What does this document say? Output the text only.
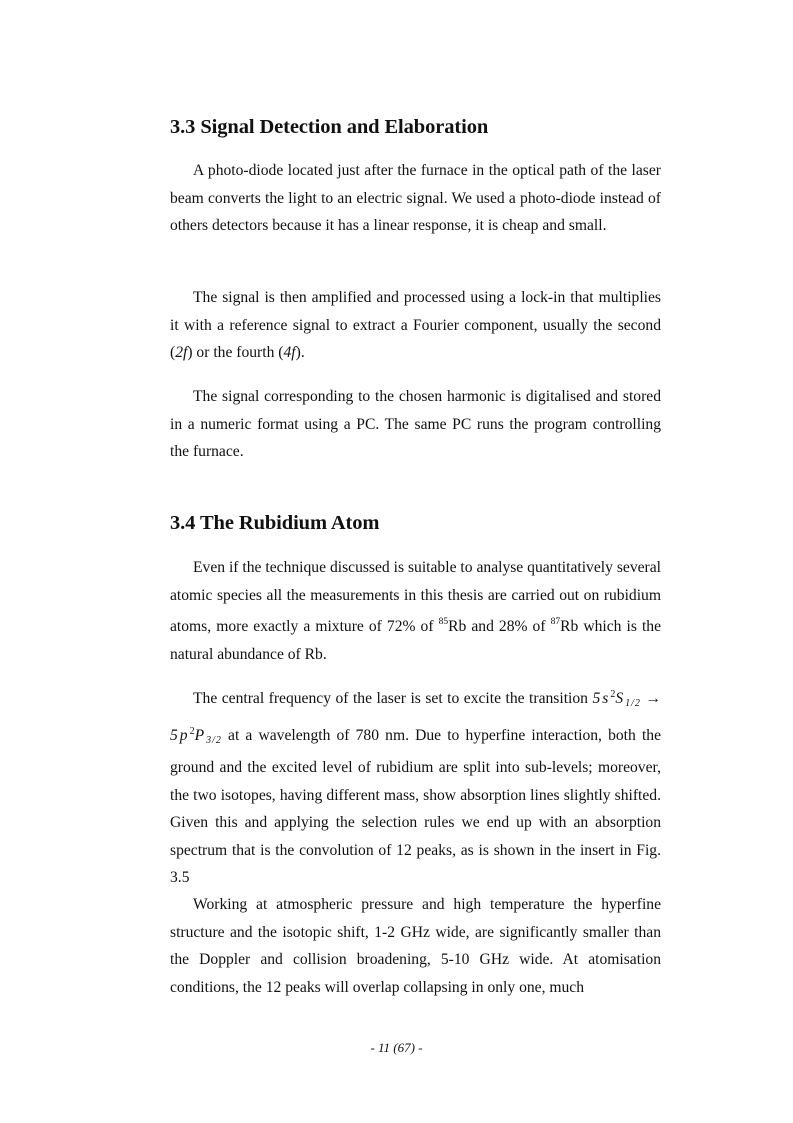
3.3 Signal Detection and Elaboration

A photo-diode located just after the furnace in the optical path of the laser beam converts the light to an electric signal. We used a photo-diode instead of others detectors because it has a linear response, it is cheap and small.

The signal is then amplified and processed using a lock-in that multiplies it with a reference signal to extract a Fourier component, usually the second (2f) or the fourth (4f).

The signal corresponding to the chosen harmonic is digitalised and stored in a numeric format using a PC. The same PC runs the program controlling the furnace.

3.4 The Rubidium Atom

Even if the technique discussed is suitable to analyse quantitatively several atomic species all the measurements in this thesis are carried out on rubidium atoms, more exactly a mixture of 72% of $^{85}$Rb and 28% of $^{87}$Rb which is the natural abundance of Rb.

The central frequency of the laser is set to excite the transition $5s^2S_{1/2} \to 5p^2P_{3/2}$ at a wavelength of 780 nm. Due to hyperfine interaction, both the ground and the excited level of rubidium are split into sub-levels; moreover, the two isotopes, having different mass, show absorption lines slightly shifted. Given this and applying the selection rules we end up with an absorption spectrum that is the convolution of 12 peaks, as is shown in the insert in Fig. 3.5

Working at atmospheric pressure and high temperature the hyperfine structure and the isotopic shift, 1-2 GHz wide, are significantly smaller than the Doppler and collision broadening, 5-10 GHz wide. At atomisation conditions, the 12 peaks will overlap collapsing in only one, much

- 11 (67) -
